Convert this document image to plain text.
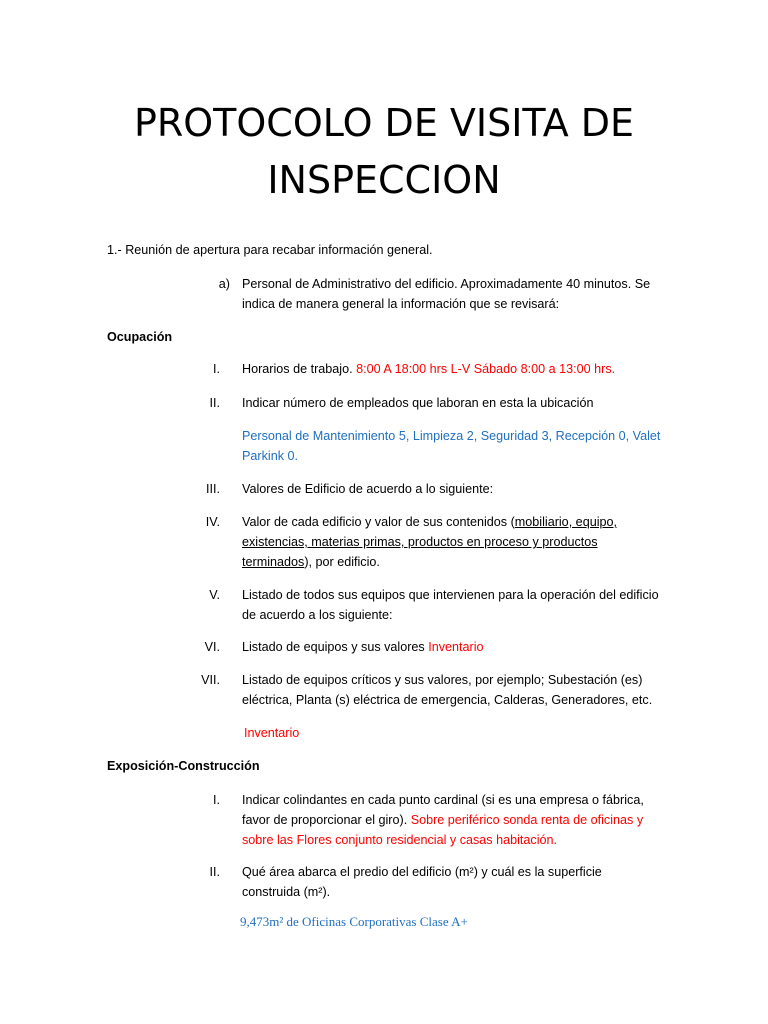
PROTOCOLO DE VISITA DE
INSPECCION
1.- Reunión de apertura para recabar información general.
a) Personal de Administrativo del edificio. Aproximadamente 40 minutos. Se
indica de manera general la información que se revisará:
Ocupación
I. Horarios de trabajo. 8:00 A 18:00 hrs L-V Sábado 8:00 a 13:00 hrs.
II. Indicar número de empleados que laboran en esta la ubicación
Personal de Mantenimiento 5, Limpieza 2, Seguridad 3, Recepción 0, Valet
Parkink 0.
III. Valores de Edificio de acuerdo a lo siguiente:
IV. Valor de cada edificio y valor de sus contenidos (mobiliario, equipo,
existencias, materias primas, productos en proceso y productos
terminados), por edificio.
V. Listado de todos sus equipos que intervienen para la operación del edificio
de acuerdo a los siguiente:
VI. Listado de equipos y sus valores Inventario
VII. Listado de equipos críticos y sus valores, por ejemplo; Subestación (es)
eléctrica, Planta (s) eléctrica de emergencia, Calderas, Generadores, etc.
Inventario
Exposición-Construcción
I. Indicar colindantes en cada punto cardinal (si es una empresa o fábrica,
favor de proporcionar el giro). Sobre periférico sonda renta de oficinas y
sobre las Flores conjunto residencial y casas habitación.
II. Qué área abarca el predio del edificio (m²) y cuál es la superficie
construida (m²).
9,473m² de Oficinas Corporativas Clase A+
